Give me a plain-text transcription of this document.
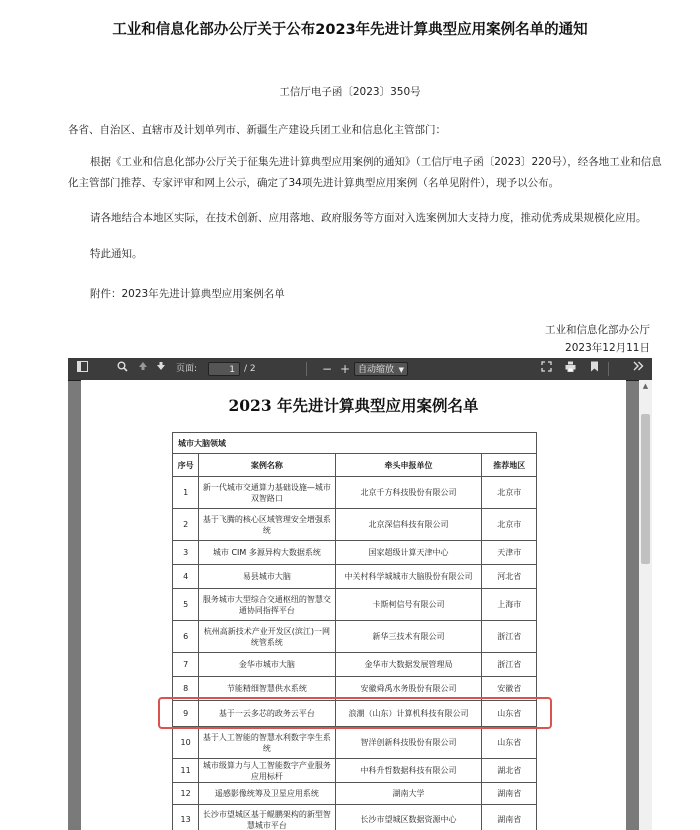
工业和信息化部办公厅关于公布2023年先进计算典型应用案例名单的通知
工信厅电子函〔2023〕350号
各省、自治区、直辖市及计划单列市、新疆生产建设兵团工业和信息化主管部门：
根据《工业和信息化部办公厅关于征集先进计算典型应用案例的通知》（工信厅电子函〔2023〕220号），经各地工业和信息化主管部门推荐、专家评审和网上公示，确定了34项先进计算典型应用案例（名单见附件），现予以公布。
请各地结合本地区实际，在技术创新、应用落地、政府服务等方面对入选案例加大支持力度，推动优秀成果规模化应用。
特此通知。
附件：2023年先进计算典型应用案例名单
工业和信息化部办公厅
2023年12月11日
页面:	1	/ 2	− + 自动缩放 ▼
2023 年先进计算典型应用案例名单
城市大脑领域			
序号	案例名称	牵头申报单位	推荐地区
1	新一代城市交通算力基础设施—城市双智路口	北京千方科技股份有限公司	北京市
2	基于飞腾的核心区域管理安全增强系统	北京深信科技有限公司	北京市
3	城市 CIM 多源异构大数据系统	国家超级计算天津中心	天津市
4	易县城市大脑	中关村科学城城市大脑股份有限公司	河北省
5	服务城市大型综合交通枢纽的智慧交通协同指挥平台	卡斯柯信号有限公司	上海市
6	杭州高新技术产业开发区(滨江)一网统管系统	新华三技术有限公司	浙江省
7	金华市城市大脑	金华市大数据发展管理局	浙江省
8	节能精细智慧供水系统	安徽舜禹水务股份有限公司	安徽省
9	基于一云多芯的政务云平台	浪潮（山东）计算机科技有限公司	山东省
10	基于人工智能的智慧水利数字孪生系统	智洋创新科技股份有限公司	山东省
11	城市级算力与人工智能数字产业服务应用标杆	中科升哲数据科技有限公司	湖北省
12	遥感影像统筹及卫星应用系统	湖南大学	湖南省
13	长沙市望城区基于鲲鹏架构的新型智慧城市平台	长沙市望城区数据资源中心	湖南省
▲
